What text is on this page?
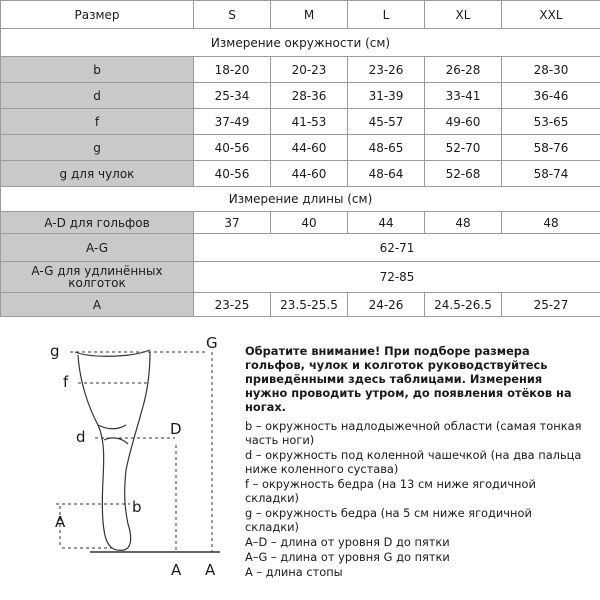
Размер	S	M	L	XL	XXL
Измерение окружности (см)					
b	18-20	20-23	23-26	26-28	28-30
d	25-34	28-36	31-39	33-41	36-46
f	37-49	41-53	45-57	49-60	53-65
g	40-56	44-60	48-65	52-70	58-76
g для чулок	40-56	44-60	48-64	52-68	58-74
Измерение длины (см)					
A-D для гольфов	37	40	44	48	48
A-G	62-71				
A-G для удлинённых колготок	72-85				
A	23-25	23.5-25.5	24-26	24.5-26.5	25-27
g
f
d
b
A
G
D
A A

Обратите внимание! При подборе размера гольфов, чулок и колготок руководствуйтесь приведёнными здесь таблицами. Измерения нужно проводить утром, до появления отёков на ногах.

b – окружность надлодыжечной области (самая тонкая часть ноги)

d – окружность под коленной чашечкой (на два пальца ниже коленного сустава)

f – окружность бедра (на 13 см ниже ягодичной складки)

g – окружность бедра (на 5 см ниже ягодичной складки)

A–D – длина от уровня D до пятки

A–G – длина от уровня G до пятки

A – длина стопы
